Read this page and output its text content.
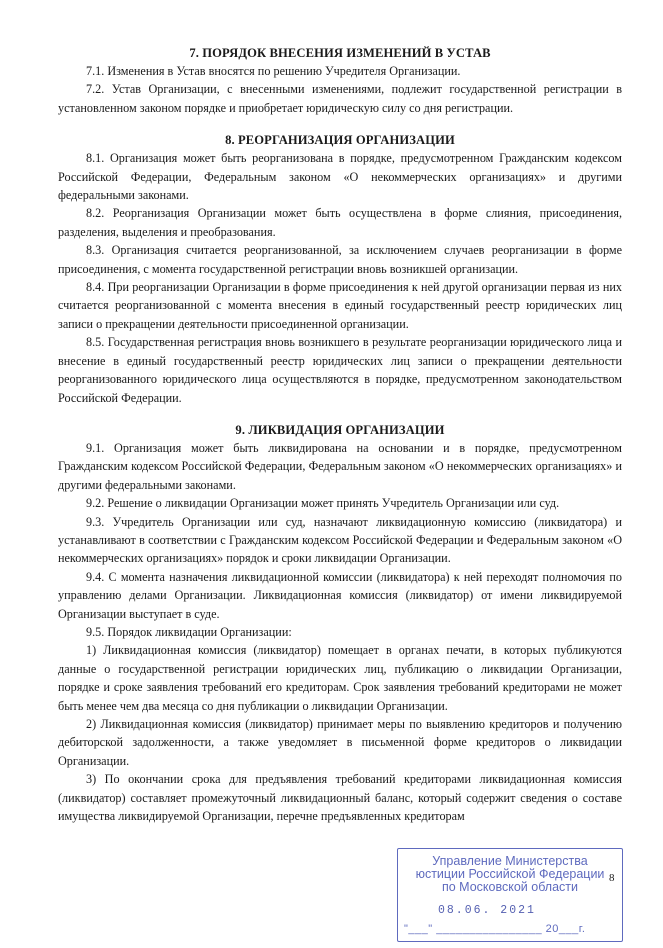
7. ПОРЯДОК ВНЕСЕНИЯ ИЗМЕНЕНИЙ В УСТАВ

7.1. Изменения в Устав вносятся по решению Учредителя Организации.

7.2. Устав Организации, с внесенными изменениями, подлежит государственной регистрации в установленном законом порядке и приобретает юридическую силу со дня регистрации.

8. РЕОРГАНИЗАЦИЯ ОРГАНИЗАЦИИ

8.1. Организация может быть реорганизована в порядке, предусмотренном Гражданским кодексом Российской Федерации, Федеральным законом «О некоммерческих организациях» и другими федеральными законами.

8.2. Реорганизация Организации может быть осуществлена в форме слияния, присоединения, разделения, выделения и преобразования.

8.3. Организация считается реорганизованной, за исключением случаев реорганизации в форме присоединения, с момента государственной регистрации вновь возникшей организации.

8.4. При реорганизации Организации в форме присоединения к ней другой организации первая из них считается реорганизованной с момента внесения в единый государственный реестр юридических лиц записи о прекращении деятельности присоединенной организации.

8.5. Государственная регистрация вновь возникшего в результате реорганизации юридического лица и внесение в единый государственный реестр юридических лиц записи о прекращении деятельности реорганизованного юридического лица осуществляются в порядке, предусмотренном законодательством Российской Федерации.

9. ЛИКВИДАЦИЯ ОРГАНИЗАЦИИ

9.1. Организация может быть ликвидирована на основании и в порядке, предусмотренном Гражданским кодексом Российской Федерации, Федеральным законом «О некоммерческих организациях» и другими федеральными законами.

9.2. Решение о ликвидации Организации может принять Учредитель Организации или суд.

9.3. Учредитель Организации или суд, назначают ликвидационную комиссию (ликвидатора) и устанавливают в соответствии с Гражданским кодексом Российской Федерации и Федеральным законом «О некоммерческих организациях» порядок и сроки ликвидации Организации.

9.4. С момента назначения ликвидационной комиссии (ликвидатора) к ней переходят полномочия по управлению делами Организации. Ликвидационная комиссия (ликвидатор) от имени ликвидируемой Организации выступает в суде.

9.5. Порядок ликвидации Организации:

1) Ликвидационная комиссия (ликвидатор) помещает в органах печати, в которых публикуются данные о государственной регистрации юридических лиц, публикацию о ликвидации Организации, порядке и сроке заявления требований его кредиторам. Срок заявления требований кредиторами не может быть менее чем два месяца со дня публикации о ликвидации Организации.

2) Ликвидационная комиссия (ликвидатор) принимает меры по выявлению кредиторов и получению дебиторской задолженности, а также уведомляет в письменной форме кредиторов о ликвидации Организации.

3) По окончании срока для предъявления требований кредиторами ликвидационная комиссия (ликвидатор) составляет промежуточный ликвидационный баланс, который содержит сведения о составе имущества ликвидируемой Организации, перечне предъявленных кредиторам

8
Управление Министерства
юстиции Российской Федерации
по Московской области
08.06. 2021
"___" ________________ 20___г.
